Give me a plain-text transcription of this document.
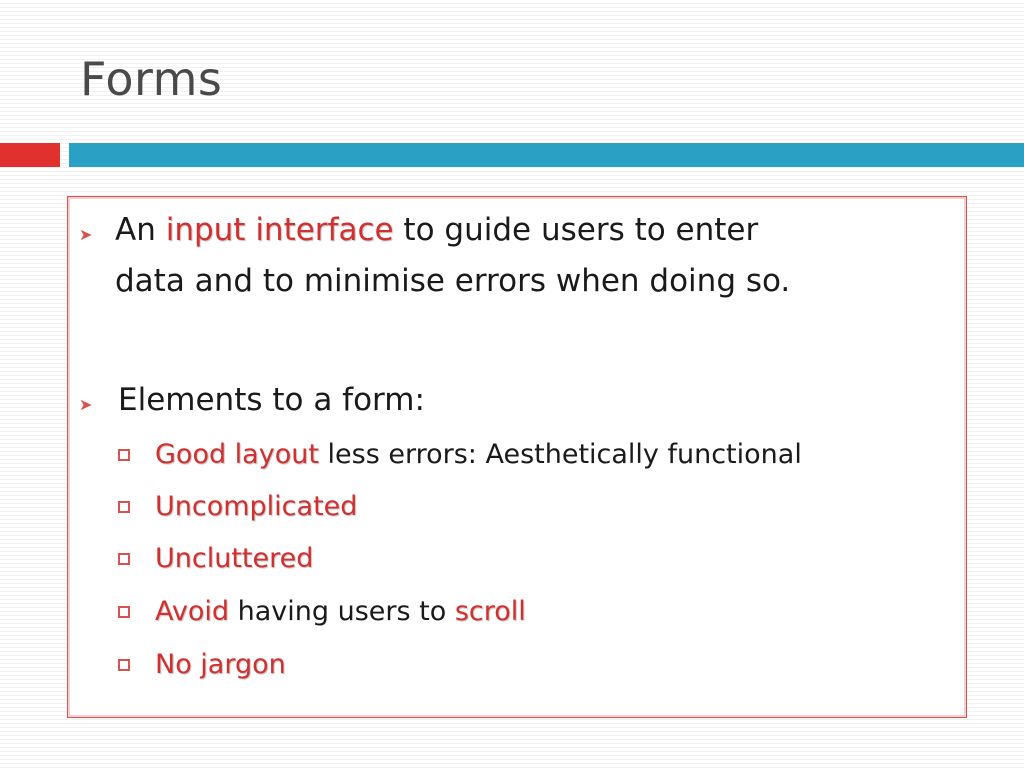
Forms
➤ An input interface to guide users to enter
data and to minimise errors when doing so.
➤ Elements to a form:
Good layout less errors: Aesthetically functional
Uncomplicated
Uncluttered
Avoid having users to scroll
No jargon
